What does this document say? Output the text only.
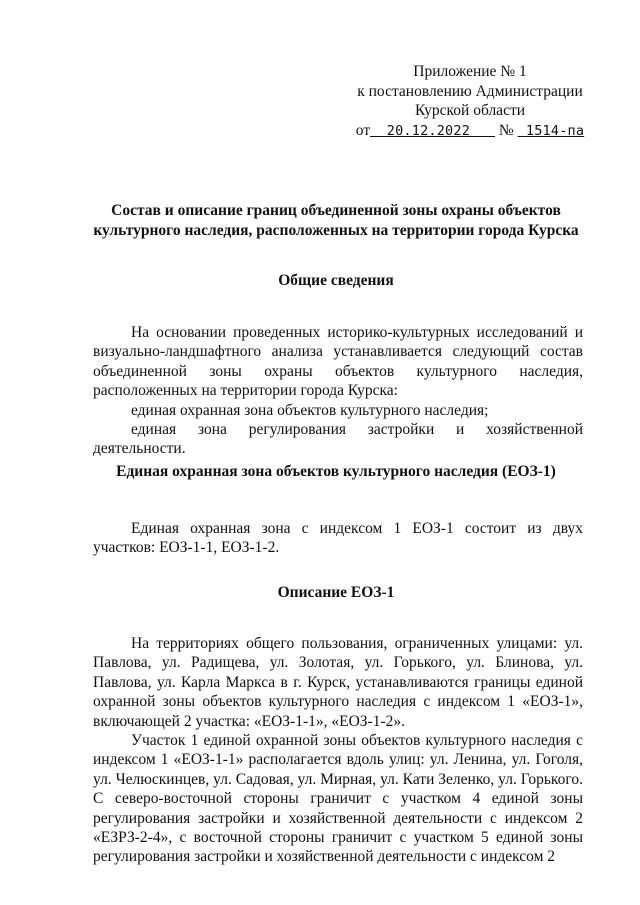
Приложение № 1
к постановлению Администрации
Курской области
от 20.12.2022 № 1514-па
Состав и описание границ объединенной зоны охраны объектов
культурного наследия, расположенных на территории города Курска
Общие сведения

На основании проведенных историко-культурных исследований и визуально-ландшафтного анализа устанавливается следующий состав объединенной зоны охраны объектов культурного наследия, расположенных на территории города Курска:

единая охранная зона объектов культурного наследия;

единая зона регулирования застройки и хозяйственной деятельности.

Единая охранная зона объектов культурного наследия (ЕОЗ-1)

Единая охранная зона с индексом 1 ЕОЗ-1 состоит из двух участков: ЕОЗ-1-1, ЕОЗ-1-2.

Описание ЕОЗ-1

На территориях общего пользования, ограниченных улицами: ул. Павлова, ул. Радищева, ул. Золотая, ул. Горького, ул. Блинова, ул. Павлова, ул. Карла Маркса в г. Курск, устанавливаются границы единой охранной зоны объектов культурного наследия с индексом 1 «ЕОЗ-1», включающей 2 участка: «ЕОЗ-1-1», «ЕОЗ-1-2».

Участок 1 единой охранной зоны объектов культурного наследия с индексом 1 «ЕОЗ-1-1» располагается вдоль улиц: ул. Ленина, ул. Гоголя, ул. Челюскинцев, ул. Садовая, ул. Мирная, ул. Кати Зеленко, ул. Горького. С северо-восточной стороны граничит с участком 4 единой зоны регулирования застройки и хозяйственной деятельности с индексом 2 «ЕЗРЗ-2-4», с восточной стороны граничит с участком 5 единой зоны регулирования застройки и хозяйственной деятельности с индексом 2
